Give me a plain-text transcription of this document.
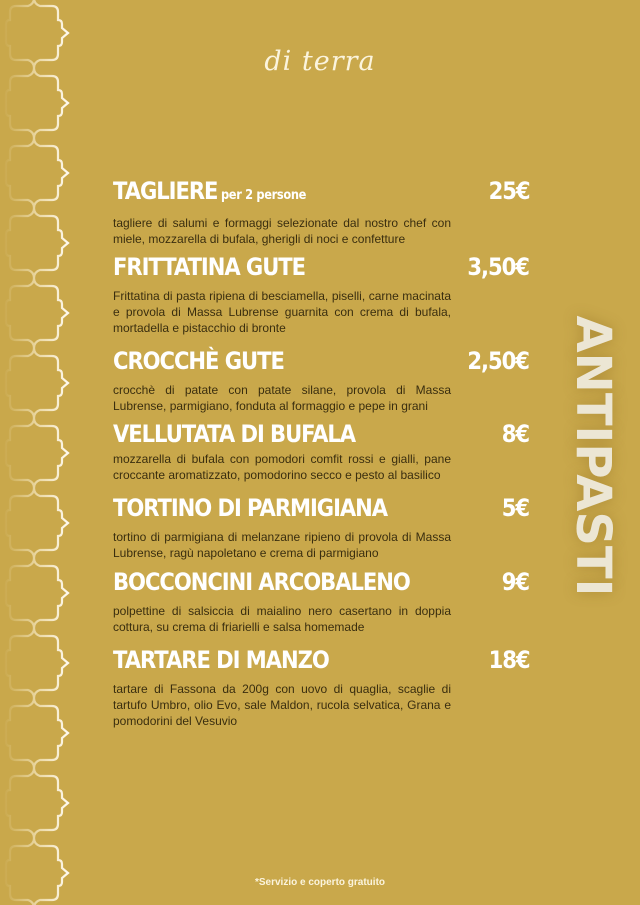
di terra
ANTIPASTI
TAGLIERE per 2 persone	25€
tagliere di salumi e formaggi selezionate dal nostro chef con miele, mozzarella di bufala, gherigli di noci e confetture
FRITTATINA GUTE	3,50€
Frittatina di pasta ripiena di besciamella, piselli, carne macinata e provola di Massa Lubrense guarnita con crema di bufala, mortadella e pistacchio di bronte
CROCCHÈ GUTE	2,50€
crocchè di patate con patate silane, provola di Massa Lubrense, parmigiano, fonduta al formaggio e pepe in grani
VELLUTATA DI BUFALA	8€
mozzarella di bufala con pomodori comfit rossi e gialli, pane croccante aromatizzato, pomodorino secco e pesto al basilico
TORTINO DI PARMIGIANA	5€
tortino di parmigiana di melanzane ripieno di provola di Massa Lubrense, ragù napoletano e crema di parmigiano
BOCCONCINI ARCOBALENO	9€
polpettine di salsiccia di maialino nero casertano in doppia cottura, su crema di friarielli e salsa homemade
TARTARE DI MANZO	18€
tartare di Fassona da 200g con uovo di quaglia, scaglie di tartufo Umbro, olio Evo, sale Maldon, rucola selvatica, Grana e pomodorini del Vesuvio
*Servizio e coperto gratuito
